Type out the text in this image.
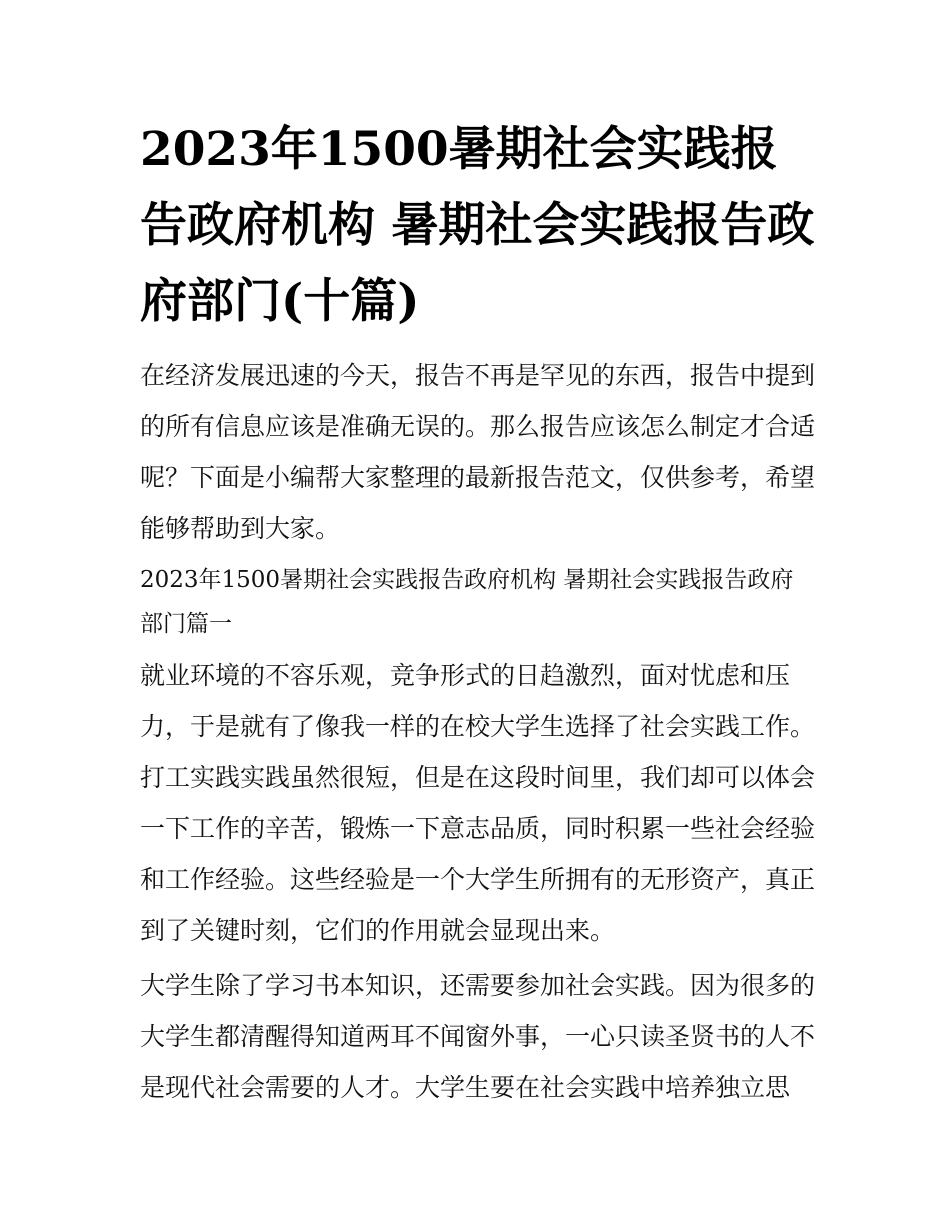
2023年1500暑期社会实践报告政府机构 暑期社会实践报告政府部门(十篇)

在经济发展迅速的今天，报告不再是罕见的东西，报告中提到的所有信息应该是准确无误的。那么报告应该怎么制定才合适呢？下面是小编帮大家整理的最新报告范文，仅供参考，希望能够帮助到大家。

2023年1500暑期社会实践报告政府机构 暑期社会实践报告政府部门篇一

就业环境的不容乐观，竞争形式的日趋激烈，面对忧虑和压力，于是就有了像我一样的在校大学生选择了社会实践工作。打工实践实践虽然很短，但是在这段时间里，我们却可以体会一下工作的辛苦，锻炼一下意志品质，同时积累一些社会经验和工作经验。这些经验是一个大学生所拥有的无形资产，真正到了关键时刻，它们的作用就会显现出来。

大学生除了学习书本知识，还需要参加社会实践。因为很多的大学生都清醒得知道两耳不闻窗外事，一心只读圣贤书的人不是现代社会需要的人才。大学生要在社会实践中培养独立思
